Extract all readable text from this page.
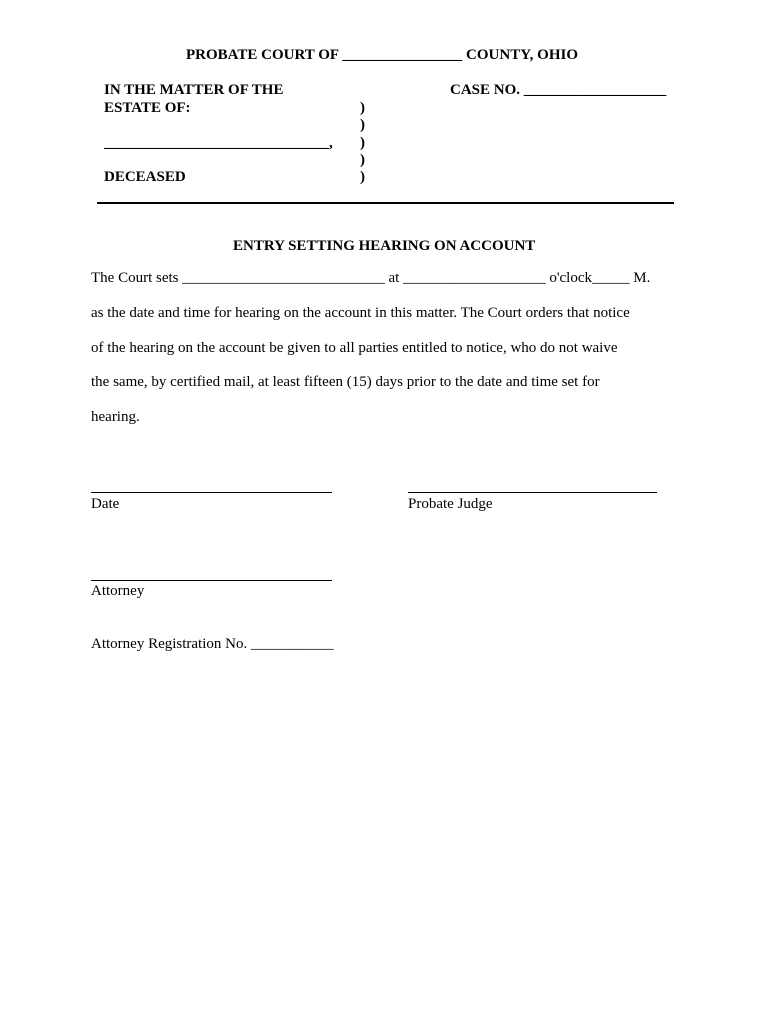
PROBATE COURT OF ________________ COUNTY, OHIO
IN THE MATTER OF THE
ESTATE OF:
______________________________,
DECEASED
)
)
)
)
)
CASE NO. ___________________
ENTRY SETTING HEARING ON ACCOUNT
The Court sets ___________________________ at ___________________ o'clock_____ M.
as the date and time for hearing on the account in this matter. The Court orders that notice
of the hearing on the account be given to all parties entitled to notice, who do not waive
the same, by certified mail, at least fifteen (15) days prior to the date and time set for
hearing.
Date	Probate Judge
Attorney
Attorney Registration No. ___________
